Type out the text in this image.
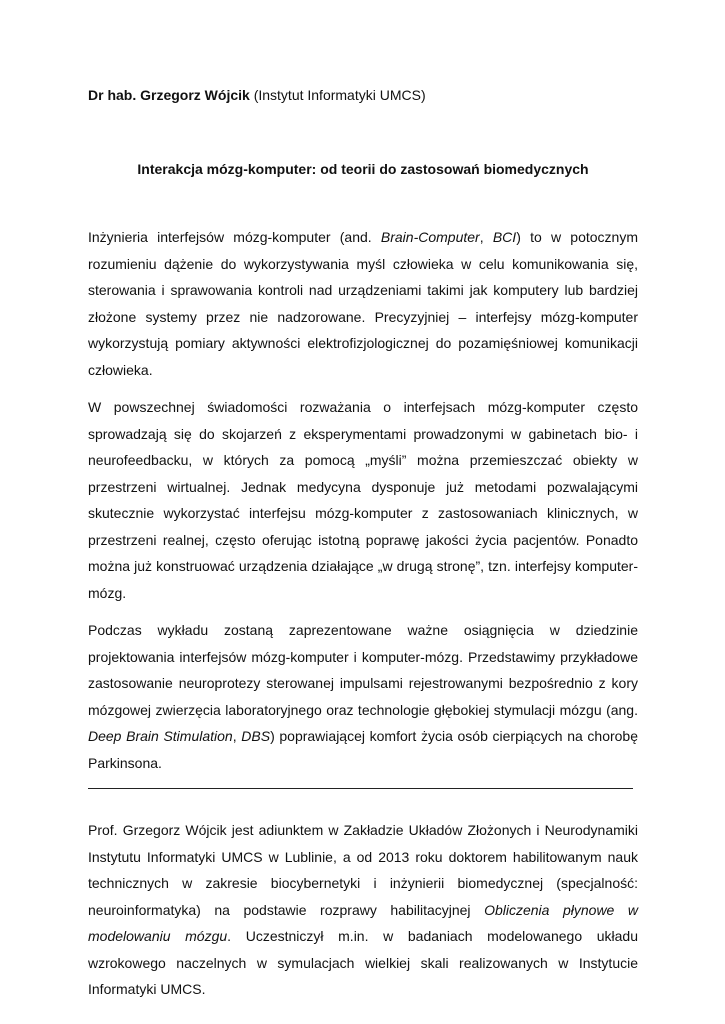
Dr hab. Grzegorz Wójcik (Instytut Informatyki UMCS)
Interakcja mózg-komputer: od teorii do zastosowań biomedycznych

Inżynieria interfejsów mózg-komputer (and. Brain-Computer, BCI) to w potocznym rozumieniu dążenie do wykorzystywania myśl człowieka w celu komunikowania się, sterowania i sprawowania kontroli nad urządzeniami takimi jak komputery lub bardziej złożone systemy przez nie nadzorowane. Precyzyjniej – interfejsy mózg-komputer wykorzystują pomiary aktywności elektrofizjologicznej do pozamięśniowej komunikacji człowieka.

W powszechnej świadomości rozważania o interfejsach mózg-komputer często sprowadzają się do skojarzeń z eksperymentami prowadzonymi w gabinetach bio- i neurofeedbacku, w których za pomocą „myśli” można przemieszczać obiekty w przestrzeni wirtualnej. Jednak medycyna dysponuje już metodami pozwalającymi skutecznie wykorzystać interfejsu mózg-komputer z zastosowaniach klinicznych, w przestrzeni realnej, często oferując istotną poprawę jakości życia pacjentów. Ponadto można już konstruować urządzenia działające „w drugą stronę”, tzn. interfejsy komputer-mózg.

Podczas wykładu zostaną zaprezentowane ważne osiągnięcia w dziedzinie projektowania interfejsów mózg-komputer i komputer-mózg. Przedstawimy przykładowe zastosowanie neuroprotezy sterowanej impulsami rejestrowanymi bezpośrednio z kory mózgowej zwierzęcia laboratoryjnego oraz technologie głębokiej stymulacji mózgu (ang. Deep Brain Stimulation, DBS) poprawiającej komfort życia osób cierpiących na chorobę Parkinsona.

Prof. Grzegorz Wójcik jest adiunktem w Zakładzie Układów Złożonych i Neurodynamiki Instytutu Informatyki UMCS w Lublinie, a od 2013 roku doktorem habilitowanym nauk technicznych w zakresie biocybernetyki i inżynierii biomedycznej (specjalność: neuroinformatyka) na podstawie rozprawy habilitacyjnej Obliczenia płynowe w modelowaniu mózgu. Uczestniczył m.in. w badaniach modelowanego układu wzrokowego naczelnych w symulacjach wielkiej skali realizowanych w Instytucie Informatyki UMCS.
